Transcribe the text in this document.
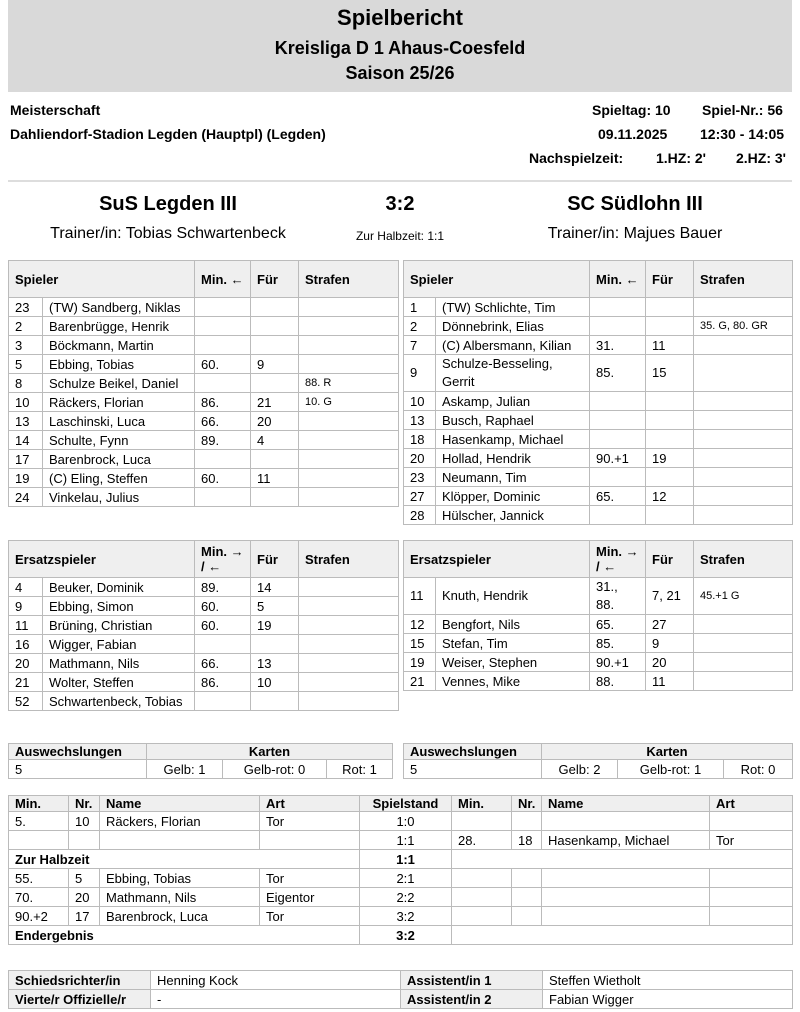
Spielbericht
Kreisliga D 1 Ahaus-Coesfeld
Saison 25/26
Meisterschaft
Dahliendorf-Stadion Legden (Hauptpl) (Legden)
Spieltag: 10 Spiel-Nr.: 56
09.11.2025 12:30 - 14:05
Nachspielzeit: 1.HZ: 2' 2.HZ: 3'
SuS Legden III	3:2	SC Südlohn III
Trainer/in: Tobias Schwartenbeck	Zur Halbzeit: 1:1	Trainer/in: Majues Bauer
Spieler		Min. ←	Für	Strafen
23	(TW) Sandberg, Niklas			
2	Barenbrügge, Henrik			
3	Böckmann, Martin			
5	Ebbing, Tobias	60.	9	
8	Schulze Beikel, Daniel			88. R
10	Räckers, Florian	86.	21	10. G
13	Laschinski, Luca	66.	20	
14	Schulte, Fynn	89.	4	
17	Barenbrock, Luca			
19	(C) Eling, Steffen	60.	11	
24	Vinkelau, Julius			
Spieler		Min. ←	Für	Strafen
1	(TW) Schlichte, Tim			
2	Dönnebrink, Elias			35. G, 80. GR
7	(C) Albersmann, Kilian	31.	11	
9	Schulze-Besseling, Gerrit	85.	15	
10	Askamp, Julian			
13	Busch, Raphael			
18	Hasenkamp, Michael			
20	Hollad, Hendrik	90.+1	19	
23	Neumann, Tim			
27	Klöpper, Dominic	65.	12	
28	Hülscher, Jannick			
Ersatzspieler		Min. → / ←	Für	Strafen
4	Beuker, Dominik	89.	14	
9	Ebbing, Simon	60.	5	
11	Brüning, Christian	60.	19	
16	Wigger, Fabian			
20	Mathmann, Nils	66.	13	
21	Wolter, Steffen	86.	10	
52	Schwartenbeck, Tobias			
Ersatzspieler		Min. → / ←	Für	Strafen
11	Knuth, Hendrik	31., 88.	7, 21	45.+1 G
12	Bengfort, Nils	65.	27	
15	Stefan, Tim	85.	9	
19	Weiser, Stephen	90.+1	20	
21	Vennes, Mike	88.	11	
Auswechslungen	Karten		
5	Gelb: 1	Gelb-rot: 0	Rot: 1
Auswechslungen	Karten		
5	Gelb: 2	Gelb-rot: 1	Rot: 0
Min.	Nr.	Name	Art	Spielstand	Min.	Nr.	Name	Art
5.	10	Räckers, Florian	Tor	1:0				
				1:1	28.	18	Hasenkamp, Michael	Tor
Zur Halbzeit				1:1				
55.	5	Ebbing, Tobias	Tor	2:1				
70.	20	Mathmann, Nils	Eigentor	2:2				
90.+2	17	Barenbrock, Luca	Tor	3:2				
Endergebnis				3:2				
Schiedsrichter/in	Henning Kock	Assistent/in 1	Steffen Wietholt
Vierte/r Offizielle/r	-	Assistent/in 2	Fabian Wigger
